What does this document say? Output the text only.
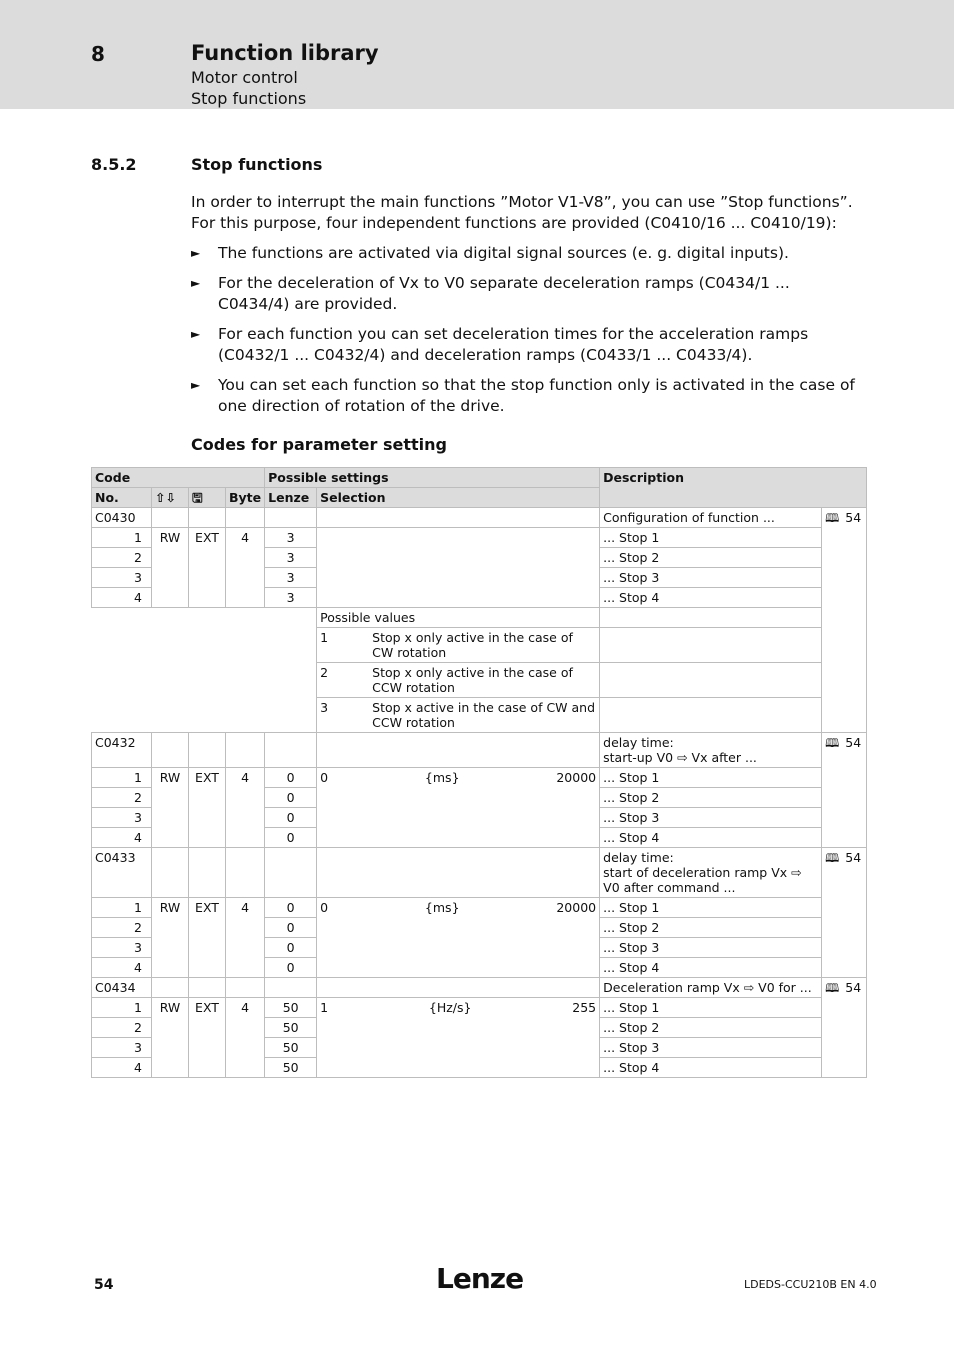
8	Function library
Motor control
Stop functions
8.5.2	Stop functions
In order to interrupt the main functions ”Motor V1-V8”, you can use ”Stop functions”. For this purpose, four independent functions are provided (C0410/16 ... C0410/19):
► The functions are activated via digital signal sources (e. g. digital inputs).
► For the deceleration of Vx to V0 separate deceleration ramps (C0434/1 ... C0434/4) are provided.
► For each function you can set deceleration times for the acceleration ramps (C0432/1 ... C0432/4) and deceleration ramps (C0433/1 ... C0433/4).
► You can set each function so that the stop function only is activated in the case of one direction of rotation of the drive.
Codes for parameter setting
Code				Possible settings		Description	
No.	⇧⇩	🖫	Byte	Lenze	Selection		
C0430						Configuration of function ...	🕮 54
1	RW	EXT	4	3		... Stop 1	
2				3		... Stop 2	
3				3		... Stop 3	
4				3		... Stop 4	
					Possible values		

					1 Stop x only active in the case of CW rotation		

					2 Stop x only active in the case of CCW rotation		

					3 Stop x active in the case of CW and CCW rotation		

C0432						delay time:
start-up V0 ⇨ Vx after ...	🕮 54
1	RW	EXT	4	0	0 {ms} 20000	... Stop 1	
2				0		... Stop 2	
3				0		... Stop 3	
4				0		... Stop 4	
C0433						delay time:
start of deceleration ramp Vx ⇨ V0 after command ...	🕮 54
1	RW	EXT	4	0	0 {ms} 20000	... Stop 1	
2				0		... Stop 2	
3				0		... Stop 3	
4				0		... Stop 4	
C0434						Deceleration ramp Vx ⇨ V0 for ...	🕮 54
1	RW	EXT	4	50	1 {Hz/s} 255	... Stop 1	
2				50		... Stop 2	
3				50		... Stop 3	
4				50		... Stop 4	
54	Lenze	LDEDS-CCU210B EN 4.0
